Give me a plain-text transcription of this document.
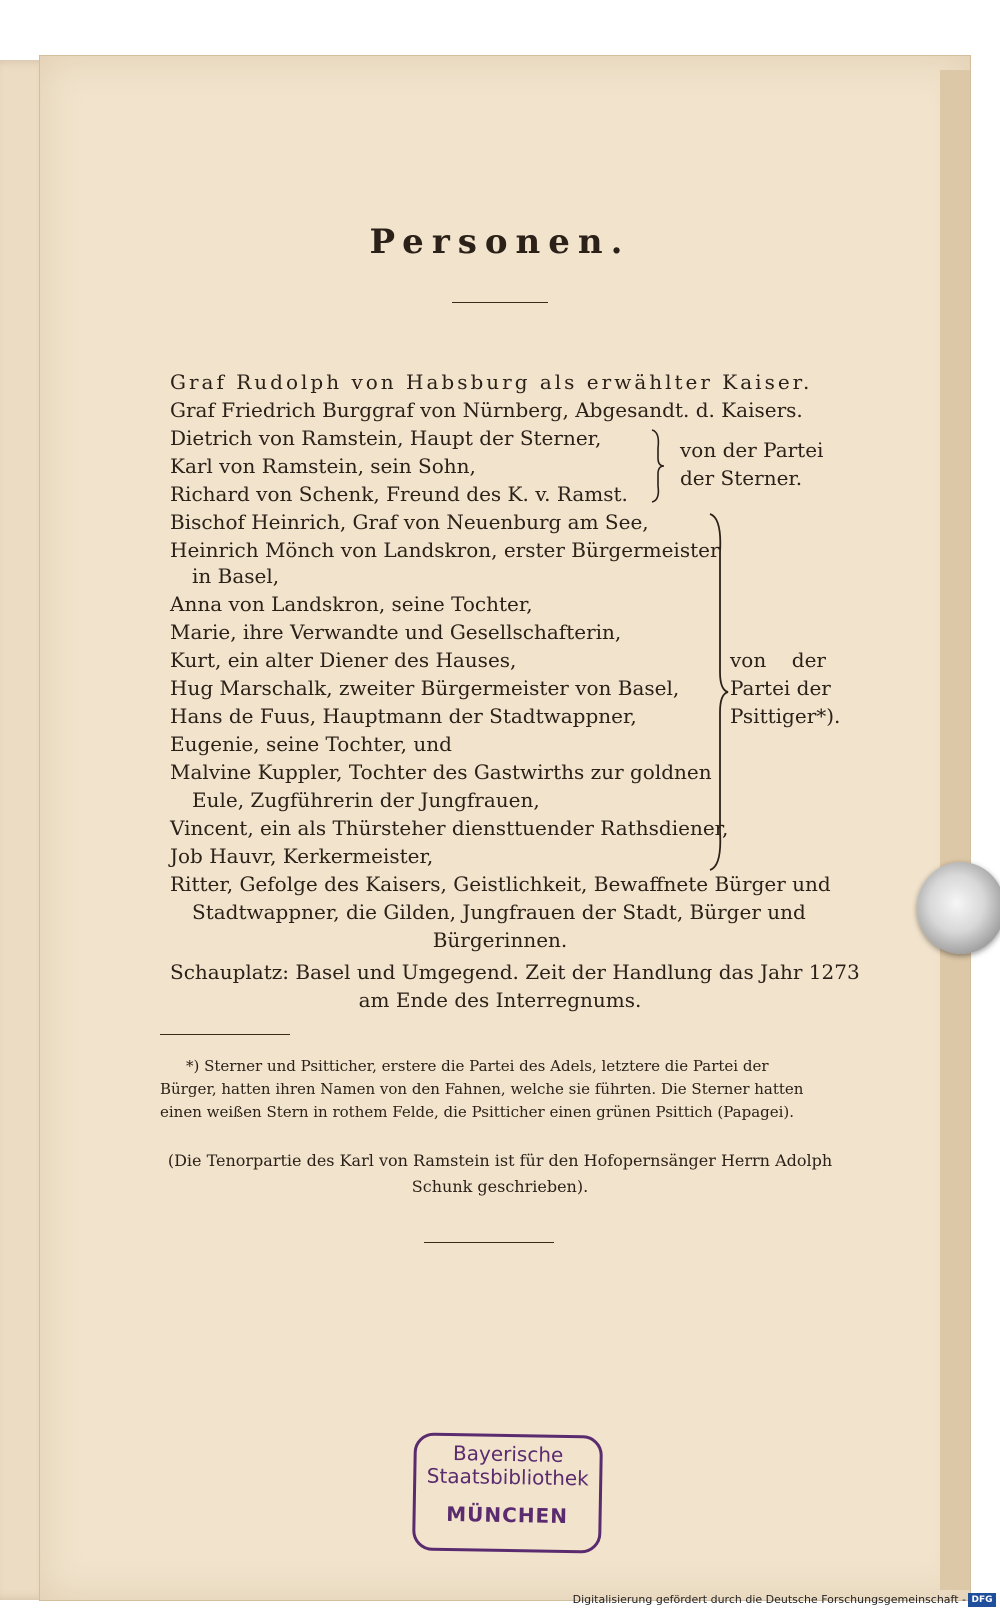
Personen.
Graf Rudolph von Habsburg als erwählter Kaiser.
Graf Friedrich Burggraf von Nürnberg, Abgesandt. d. Kaisers.
Dietrich von Ramstein, Haupt der Sterner,
Karl von Ramstein, sein Sohn,
Richard von Schenk, Freund des K. v. Ramst.
von der Partei
der Sterner.
Bischof Heinrich, Graf von Neuenburg am See,
Heinrich Mönch von Landskron, erster Bürgermeister
in Basel,
Anna von Landskron, seine Tochter,
Marie, ihre Verwandte und Gesellschafterin,
Kurt, ein alter Diener des Hauses,
Hug Marschalk, zweiter Bürgermeister von Basel,
Hans de Fuus, Hauptmann der Stadtwappner,
Eugenie, seine Tochter, und
Malvine Kuppler, Tochter des Gastwirths zur goldnen
Eule, Zugführerin der Jungfrauen,
Vincent, ein als Thürsteher diensttuender Rathsdiener,
Job Hauvr, Kerkermeister,
von der
Partei der
Psittiger*).
Ritter, Gefolge des Kaisers, Geistlichkeit, Bewaffnete Bürger und
Stadtwappner, die Gilden, Jungfrauen der Stadt, Bürger und
Bürgerinnen.
Schauplatz: Basel und Umgegend. Zeit der Handlung das Jahr 1273
am Ende des Interregnums.
*) Sterner und Psitticher, erstere die Partei des Adels, letztere die Partei der
Bürger, hatten ihren Namen von den Fahnen, welche sie führten. Die Sterner hatten
einen weißen Stern in rothem Felde, die Psitticher einen grünen Psittich (Papagei).
(Die Tenorpartie des Karl von Ramstein ist für den Hofopernsänger Herrn Adolph
Schunk geschrieben).
Bayerische
Staatsbibliothek
MÜNCHEN
Digitalisierung gefördert durch die Deutsche Forschungsgemeinschaft - DFG
